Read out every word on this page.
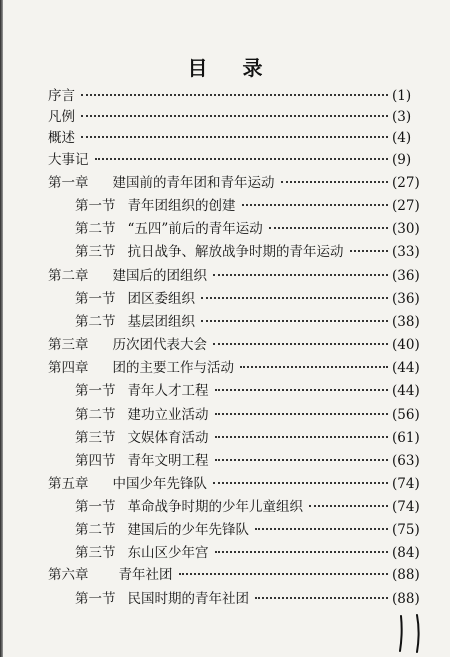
目 录
序言	(1)
凡例	(3)
概述	(4)
大事记	(9)
第一章 建国前的青年团和青年运动	(27)
第一节 青年团组织的创建	(27)
第二节 “五四”前后的青年运动	(30)
第三节 抗日战争、解放战争时期的青年运动	(33)
第二章 建国后的团组织	(36)
第一节 团区委组织	(36)
第二节 基层团组织	(38)
第三章 历次团代表大会	(40)
第四章 团的主要工作与活动	(44)
第一节 青年人才工程	(44)
第二节 建功立业活动	(56)
第三节 文娱体育活动	(61)
第四节 青年文明工程	(63)
第五章 中国少年先锋队	(74)
第一节 革命战争时期的少年儿童组织	(74)
第二节 建国后的少年先锋队	(75)
第三节 东山区少年宫	(84)
第六章 青年社团	(88)
第一节 民国时期的青年社团	(88)
